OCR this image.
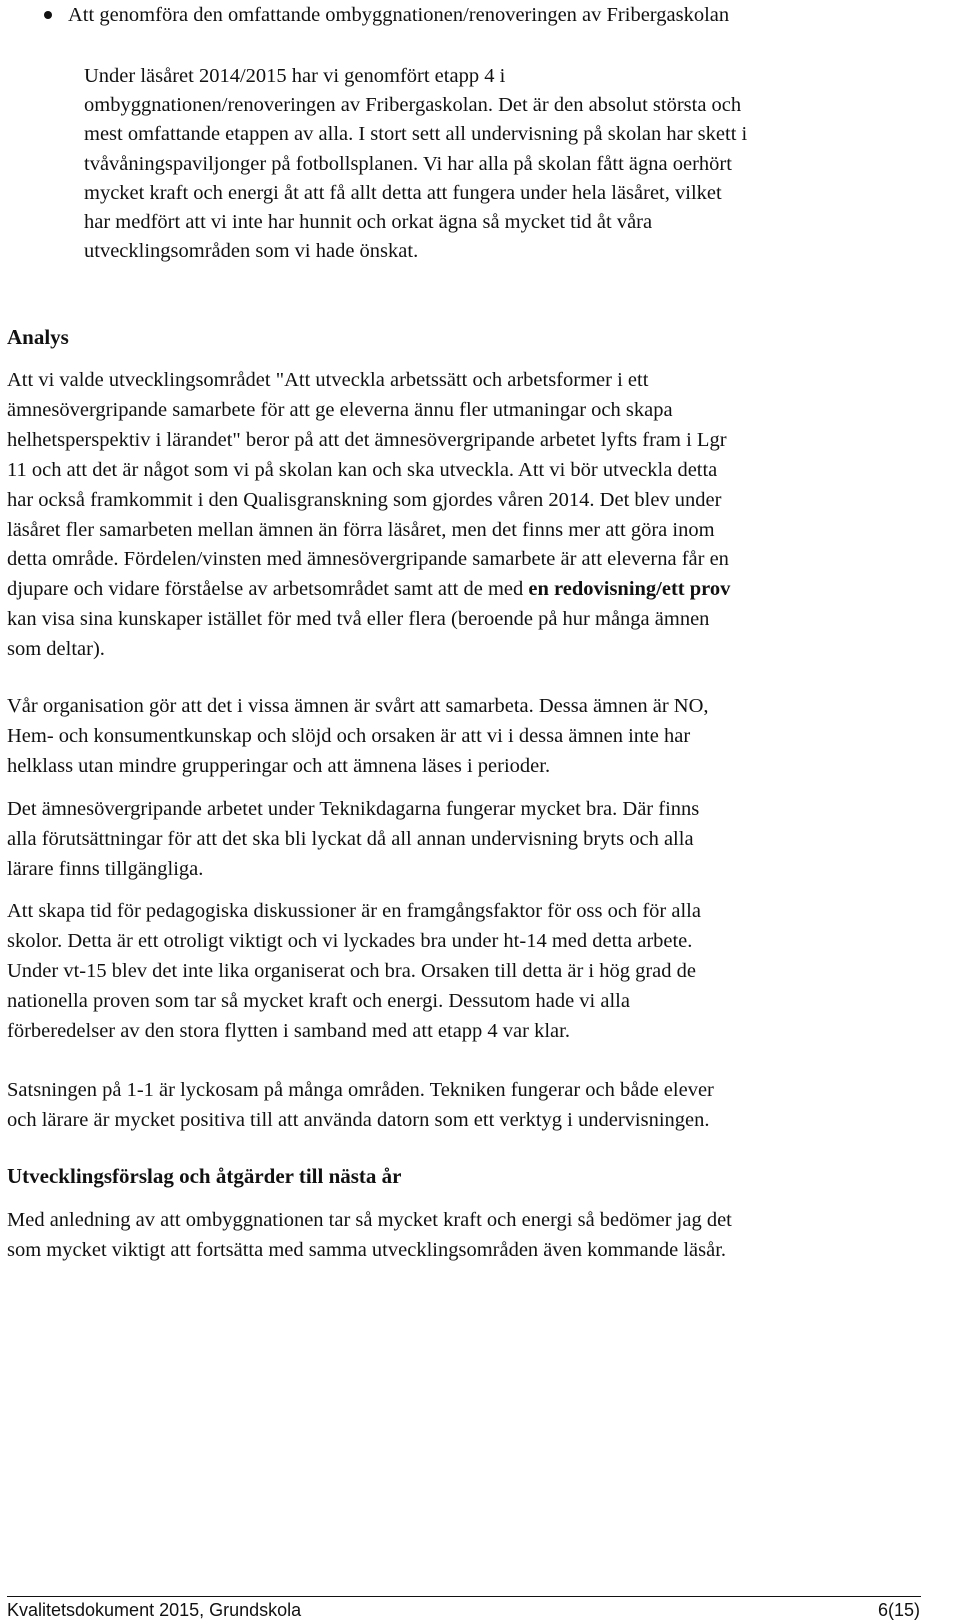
Att genomföra den omfattande ombyggnationen/renoveringen av Fribergaskolan
Under läsåret 2014/2015 har vi genomfört etapp 4 i
ombyggnationen/renoveringen av Fribergaskolan. Det är den absolut största och
mest omfattande etappen av alla. I stort sett all undervisning på skolan har skett i
tvåvåningspaviljonger på fotbollsplanen. Vi har alla på skolan fått ägna oerhört
mycket kraft och energi åt att få allt detta att fungera under hela läsåret, vilket
har medfört att vi inte har hunnit och orkat ägna så mycket tid åt våra
utvecklingsområden som vi hade önskat.
Analys
Att vi valde utvecklingsområdet "Att utveckla arbetssätt och arbetsformer i ett
ämnesövergripande samarbete för att ge eleverna ännu fler utmaningar och skapa
helhetsperspektiv i lärandet" beror på att det ämnesövergripande arbetet lyfts fram i Lgr
11 och att det är något som vi på skolan kan och ska utveckla. Att vi bör utveckla detta
har också framkommit i den Qualisgranskning som gjordes våren 2014. Det blev under
läsåret fler samarbeten mellan ämnen än förra läsåret, men det finns mer att göra inom
detta område. Fördelen/vinsten med ämnesövergripande samarbete är att eleverna får en
djupare och vidare förståelse av arbetsområdet samt att de med en redovisning/ett prov
kan visa sina kunskaper istället för med två eller flera (beroende på hur många ämnen
som deltar).
Vår organisation gör att det i vissa ämnen är svårt att samarbeta. Dessa ämnen är NO,
Hem- och konsumentkunskap och slöjd och orsaken är att vi i dessa ämnen inte har
helklass utan mindre grupperingar och att ämnena läses i perioder.
Det ämnesövergripande arbetet under Teknikdagarna fungerar mycket bra. Där finns
alla förutsättningar för att det ska bli lyckat då all annan undervisning bryts och alla
lärare finns tillgängliga.
Att skapa tid för pedagogiska diskussioner är en framgångsfaktor för oss och för alla
skolor. Detta är ett otroligt viktigt och vi lyckades bra under ht-14 med detta arbete.
Under vt-15 blev det inte lika organiserat och bra. Orsaken till detta är i hög grad de
nationella proven som tar så mycket kraft och energi. Dessutom hade vi alla
förberedelser av den stora flytten i samband med att etapp 4 var klar.
Satsningen på 1-1 är lyckosam på många områden. Tekniken fungerar och både elever
och lärare är mycket positiva till att använda datorn som ett verktyg i undervisningen.
Utvecklingsförslag och åtgärder till nästa år
Med anledning av att ombyggnationen tar så mycket kraft och energi så bedömer jag det
som mycket viktigt att fortsätta med samma utvecklingsområden även kommande läsår.
Kvalitetsdokument 2015, Grundskola	6(15)
